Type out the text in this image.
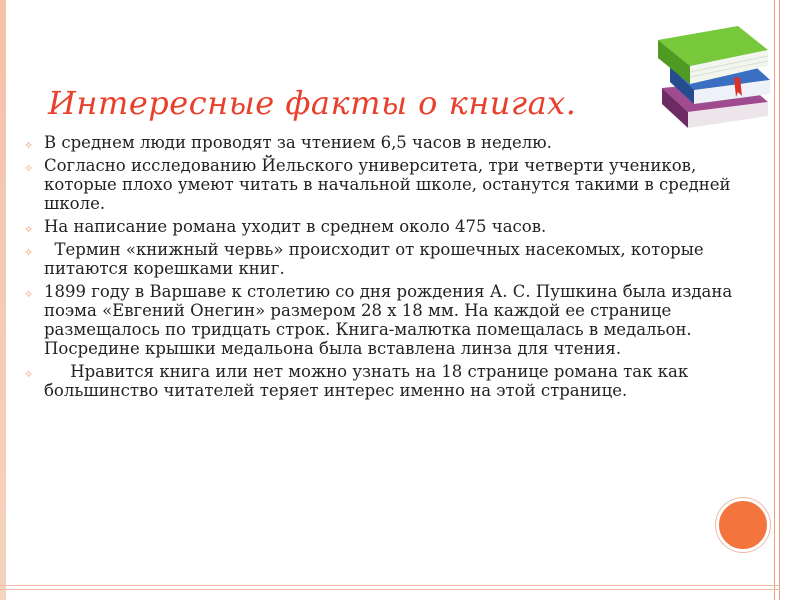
Интересные факты о книгах.
✧ В среднем люди проводят за чтением 6,5 часов в неделю.
✧ Согласно исследованию Йельского университета, три четверти учеников, которые плохо умеют читать в начальной школе, останутся такими в средней школе.
✧ На написание романа уходит в среднем около 475 часов.
✧ Термин «книжный червь» происходит от крошечных насекомых, которые питаются корешками книг.
✧ 1899 году в Варшаве к столетию со дня рождения А. С. Пушкина была издана поэма «Евгений Онегин» размером 28 х 18 мм. На каждой ее странице размещалось по тридцать строк. Книга-малютка помещалась в медальон. Посредине крышки медальона была вставлена линза для чтения.
✧ Нравится книга или нет можно узнать на 18 странице романа так как большинство читателей теряет интерес именно на этой странице.
